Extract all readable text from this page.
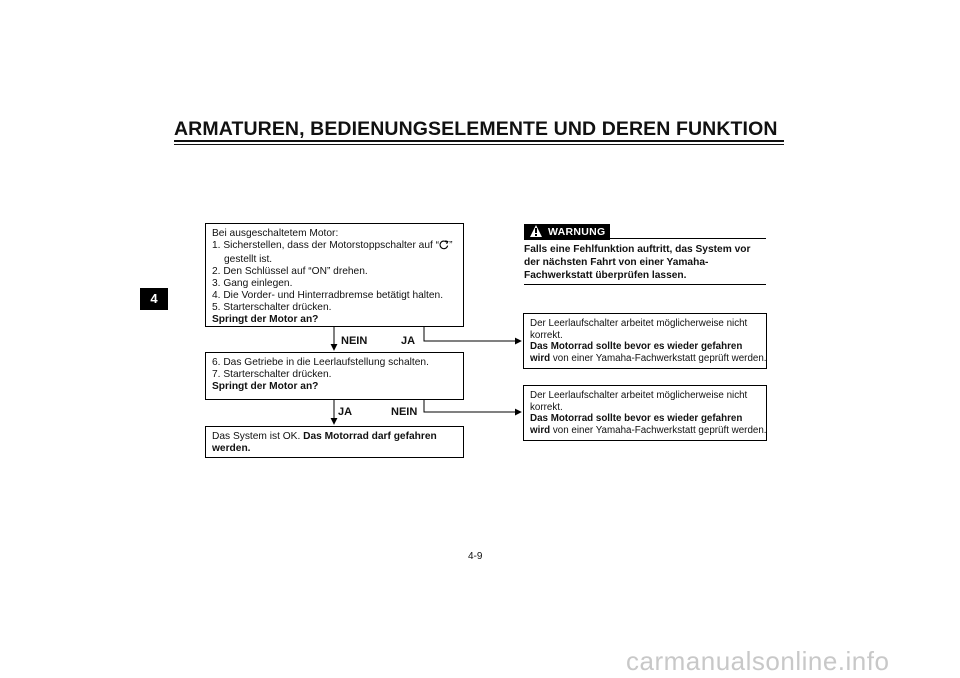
ARMATUREN, BEDIENUNGSELEMENTE UND DEREN FUNKTION
4
Bei ausgeschaltetem Motor:
1. Sicherstellen, dass der Motorstoppschalter auf “ ”
gestellt ist.
2. Den Schlüssel auf “ON” drehen.
3. Gang einlegen.
4. Die Vorder- und Hinterradbremse betätigt halten.
5. Starterschalter drücken.
Springt der Motor an?
NEIN	JA
6. Das Getriebe in die Leerlaufstellung schalten.
7. Starterschalter drücken.
Springt der Motor an?
JA	NEIN
Das System ist OK. Das Motorrad darf gefahren
werden.
WARNUNG
Falls eine Fehlfunktion auftritt, das System vor der nächsten Fahrt von einer Yamaha-Fachwerkstatt überprüfen lassen.
Der Leerlaufschalter arbeitet möglicherweise nicht
korrekt.
Das Motorrad sollte bevor es wieder gefahren
wird von einer Yamaha-Fachwerkstatt geprüft werden.
Der Leerlaufschalter arbeitet möglicherweise nicht
korrekt.
Das Motorrad sollte bevor es wieder gefahren
wird von einer Yamaha-Fachwerkstatt geprüft werden.
4-9
carmanualsonline.info
